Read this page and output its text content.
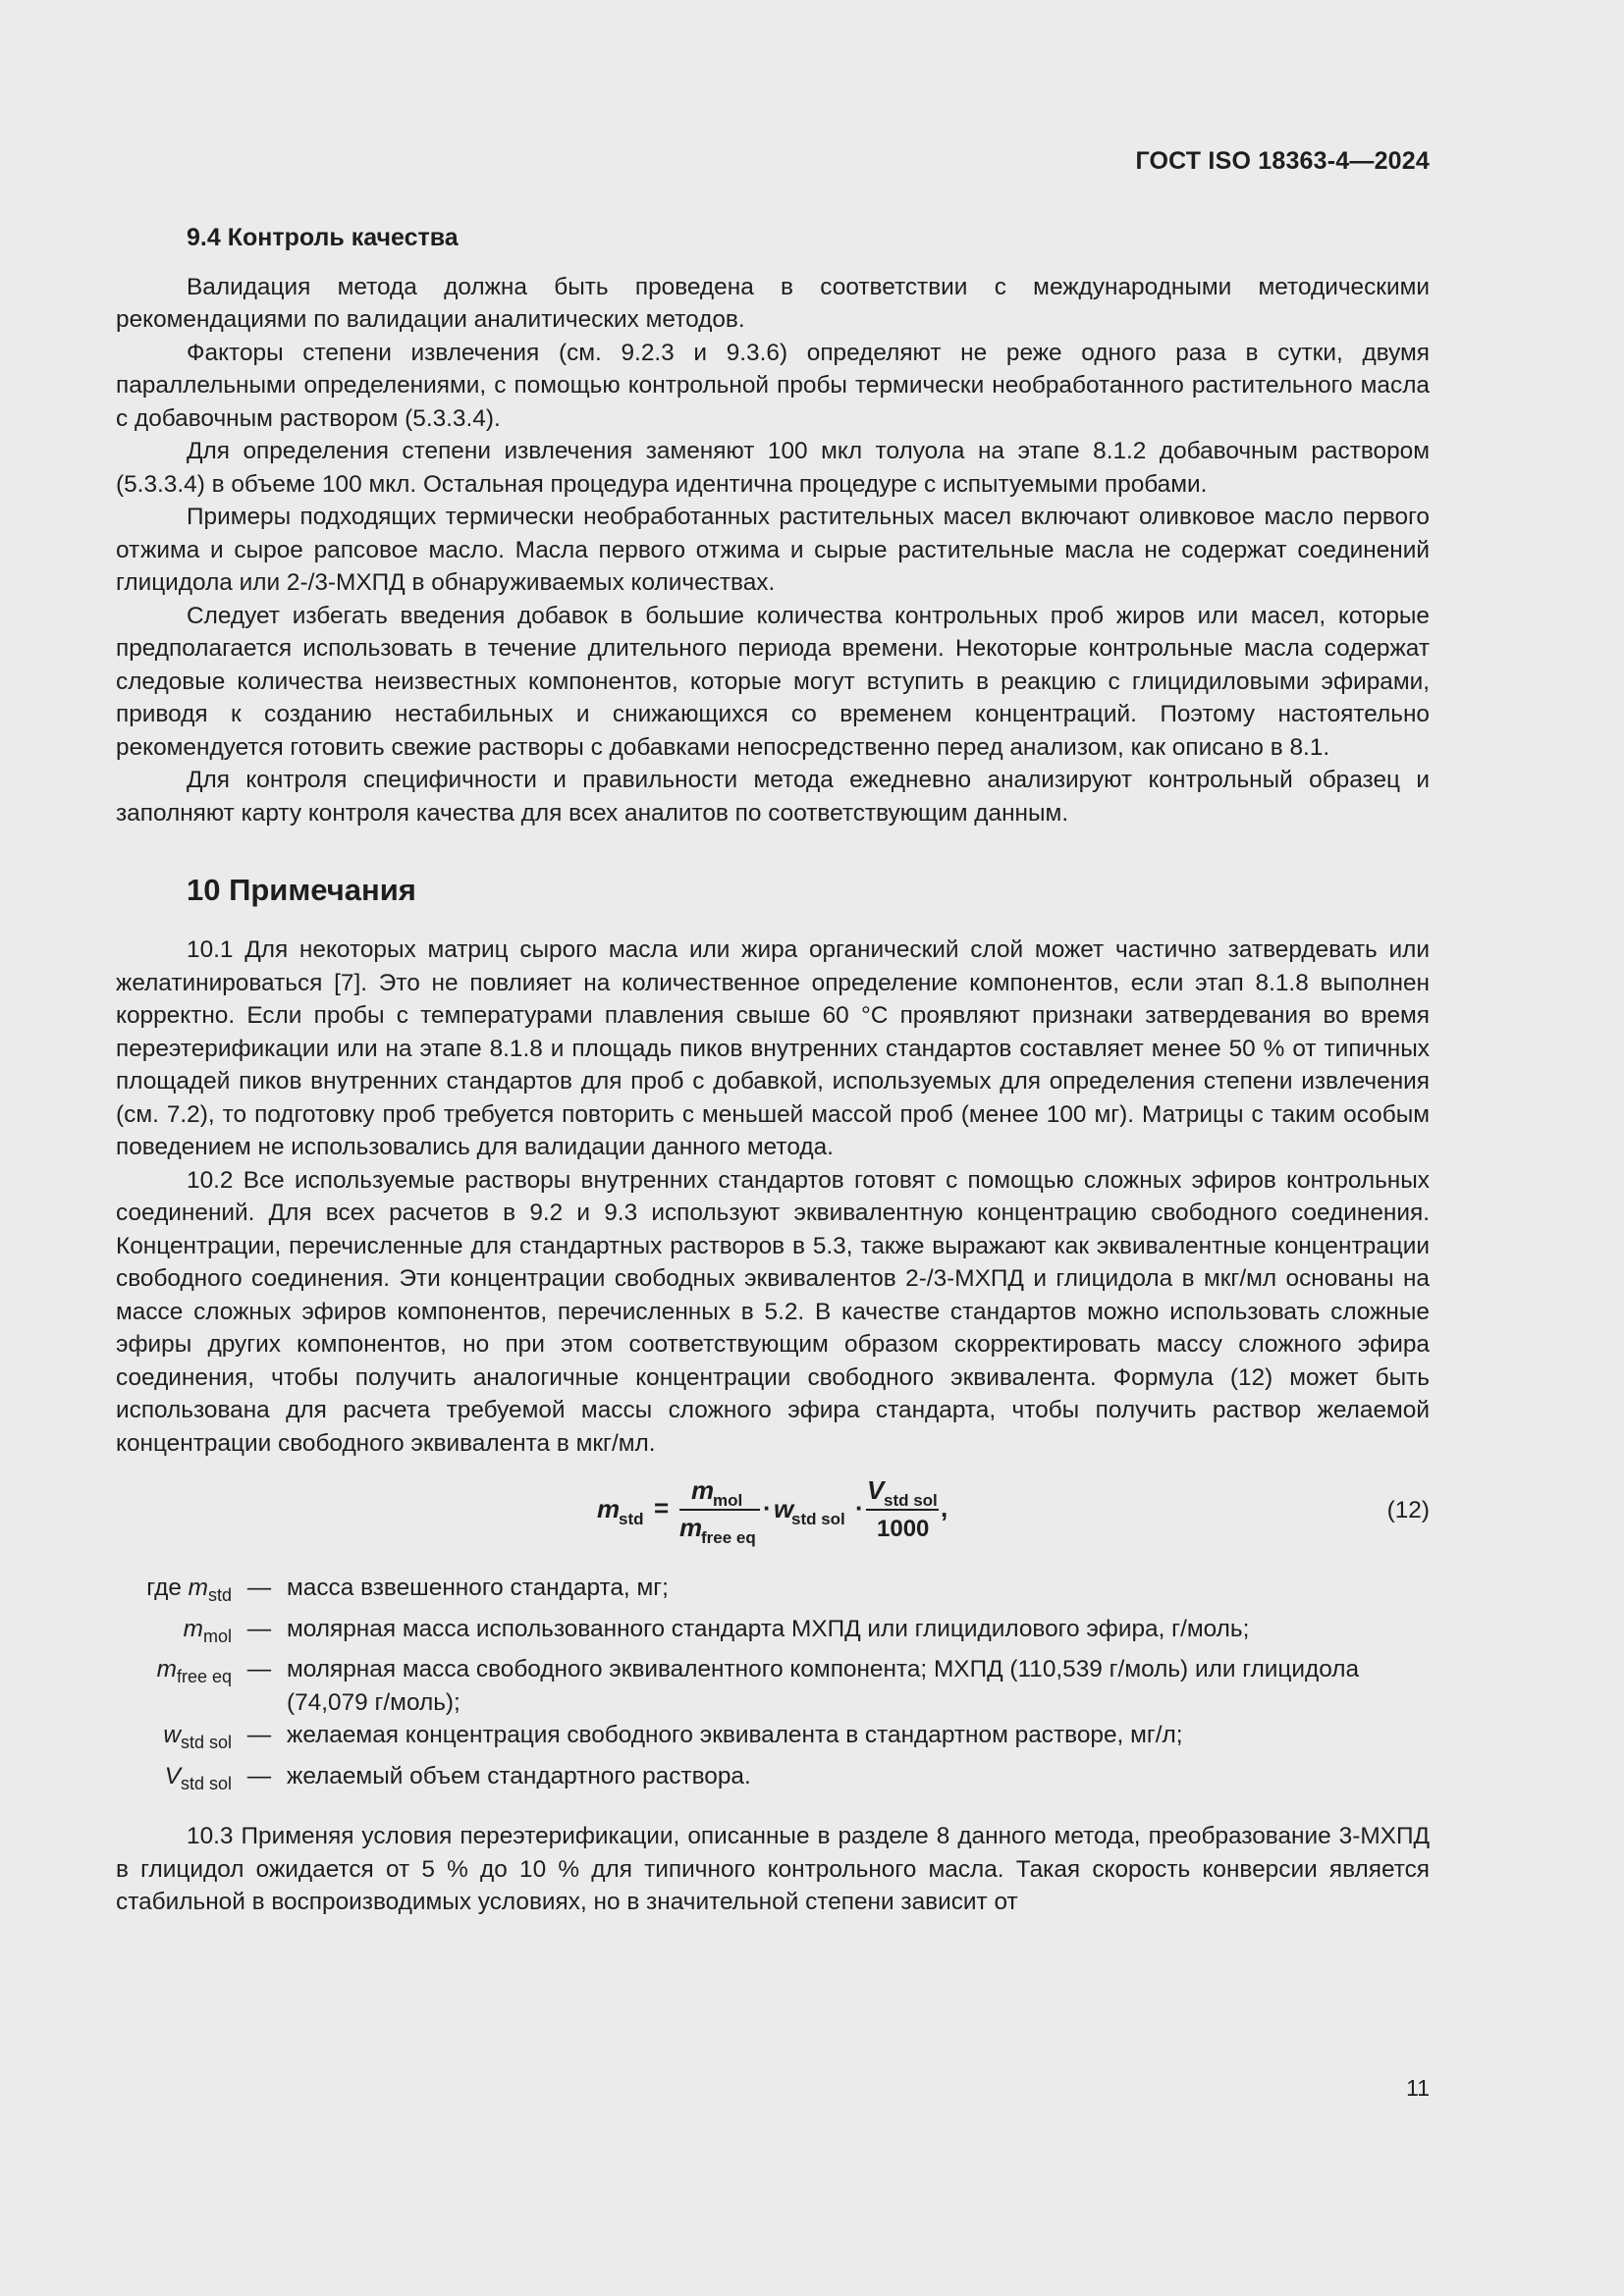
ГОСТ ISO 18363-4—2024
9.4 Контроль качества

Валидация метода должна быть проведена в соответствии с международными методическими рекомендациями по валидации аналитических методов.

Факторы степени извлечения (см. 9.2.3 и 9.3.6) определяют не реже одного раза в сутки, двумя параллельными определениями, с помощью контрольной пробы термически необработанного растительного масла с добавочным раствором (5.3.3.4).

Для определения степени извлечения заменяют 100 мкл толуола на этапе 8.1.2 добавочным раствором (5.3.3.4) в объеме 100 мкл. Остальная процедура идентична процедуре с испытуемыми пробами.

Примеры подходящих термически необработанных растительных масел включают оливковое масло первого отжима и сырое рапсовое масло. Масла первого отжима и сырые растительные масла не содержат соединений глицидола или 2-/3-МХПД в обнаруживаемых количествах.

Следует избегать введения добавок в большие количества контрольных проб жиров или масел, которые предполагается использовать в течение длительного периода времени. Некоторые контрольные масла содержат следовые количества неизвестных компонентов, которые могут вступить в реакцию с глицидиловыми эфирами, приводя к созданию нестабильных и снижающихся со временем концентраций. Поэтому настоятельно рекомендуется готовить свежие растворы с добавками непосредственно перед анализом, как описано в 8.1.

Для контроля специфичности и правильности метода ежедневно анализируют контрольный образец и заполняют карту контроля качества для всех аналитов по соответствующим данным.

10 Примечания

10.1 Для некоторых матриц сырого масла или жира органический слой может частично затвердевать или желатинироваться [7]. Это не повлияет на количественное определение компонентов, если этап 8.1.8 выполнен корректно. Если пробы с температурами плавления свыше 60 °C проявляют признаки затвердевания во время переэтерификации или на этапе 8.1.8 и площадь пиков внутренних стандартов составляет менее 50 % от типичных площадей пиков внутренних стандартов для проб с добавкой, используемых для определения степени извлечения (см. 7.2), то подготовку проб требуется повторить с меньшей массой проб (менее 100 мг). Матрицы с таким особым поведением не использовались для валидации данного метода.

10.2 Все используемые растворы внутренних стандартов готовят с помощью сложных эфиров контрольных соединений. Для всех расчетов в 9.2 и 9.3 используют эквивалентную концентрацию свободного соединения. Концентрации, перечисленные для стандартных растворов в 5.3, также выражают как эквивалентные концентрации свободного соединения. Эти концентрации свободных эквивалентов 2-/3-МХПД и глицидола в мкг/мл основаны на массе сложных эфиров компонентов, перечисленных в 5.2. В качестве стандартов можно использовать сложные эфиры других компонентов, но при этом соответствующим образом скорректировать массу сложного эфира соединения, чтобы получить аналогичные концентрации свободного эквивалента. Формула (12) может быть использована для расчета требуемой массы сложного эфира стандарта, чтобы получить раствор желаемой концентрации свободного эквивалента в мкг/мл.

m
std =
m
mol
m
free eq
· w
std sol ·
V std sol
1000
,	(12)
где $m_{std}$ — масса взвешенного стандарта, мг;
$m_{mol}$ — молярная масса использованного стандарта МХПД или глицидилового эфира, г/моль;
$m_{free eq}$ — молярная масса свободного эквивалентного компонента; МХПД (110,539 г/моль) или глицидола (74,079 г/моль);
$w_{std sol}$ — желаемая концентрация свободного эквивалента в стандартном растворе, мг/л;
$V_{std sol}$ — желаемый объем стандартного раствора.

10.3 Применяя условия переэтерификации, описанные в разделе 8 данного метода, преобразование 3-МХПД в глицидол ожидается от 5 % до 10 % для типичного контрольного масла. Такая скорость конверсии является стабильной в воспроизводимых условиях, но в значительной степени зависит от

11
